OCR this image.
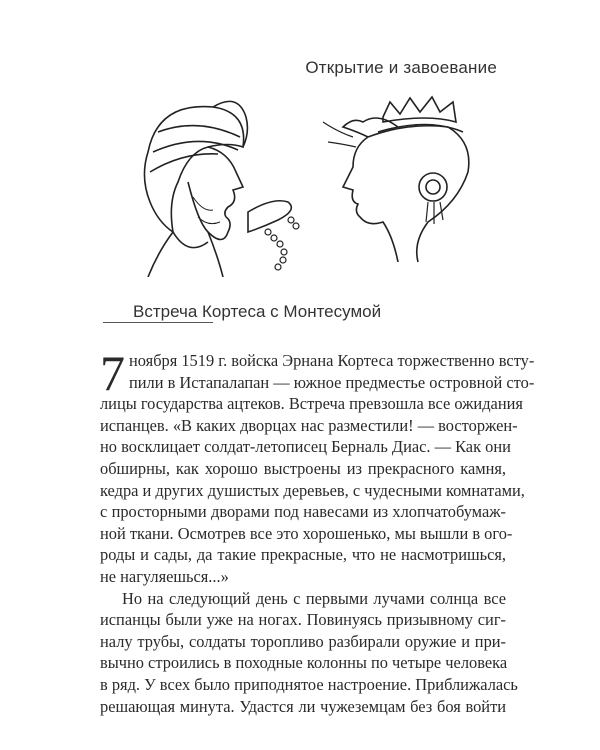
Открытие и завоевание
Встреча Кортеса с Монтесумой
7 ноября 1519 г. войска Эрнана Кортеса торжественно всту-
пили в Истапалапан — южное предместье островной сто-
лицы государства ацтеков. Встреча превзошла все ожидания
испанцев. «В каких дворцах нас разместили! — восторжен-
но восклицает солдат-летописец Берналь Диас. — Как они
обширны, как хорошо выстроены из прекрасного камня,
кедра и других душистых деревьев, с чудесными комнатами,
с просторными дворами под навесами из хлопчатобумаж-
ной ткани. Осмотрев все это хорошенько, мы вышли в ого-
роды и сады, да такие прекрасные, что не насмотришься,
не нагуляешься...»
Но на следующий день с первыми лучами солнца все
испанцы были уже на ногах. Повинуясь призывному сиг-
налу трубы, солдаты торопливо разбирали оружие и при-
вычно строились в походные колонны по четыре человека
в ряд. У всех было приподнятое настроение. Приближалась
решающая минута. Удастся ли чужеземцам без боя войти
